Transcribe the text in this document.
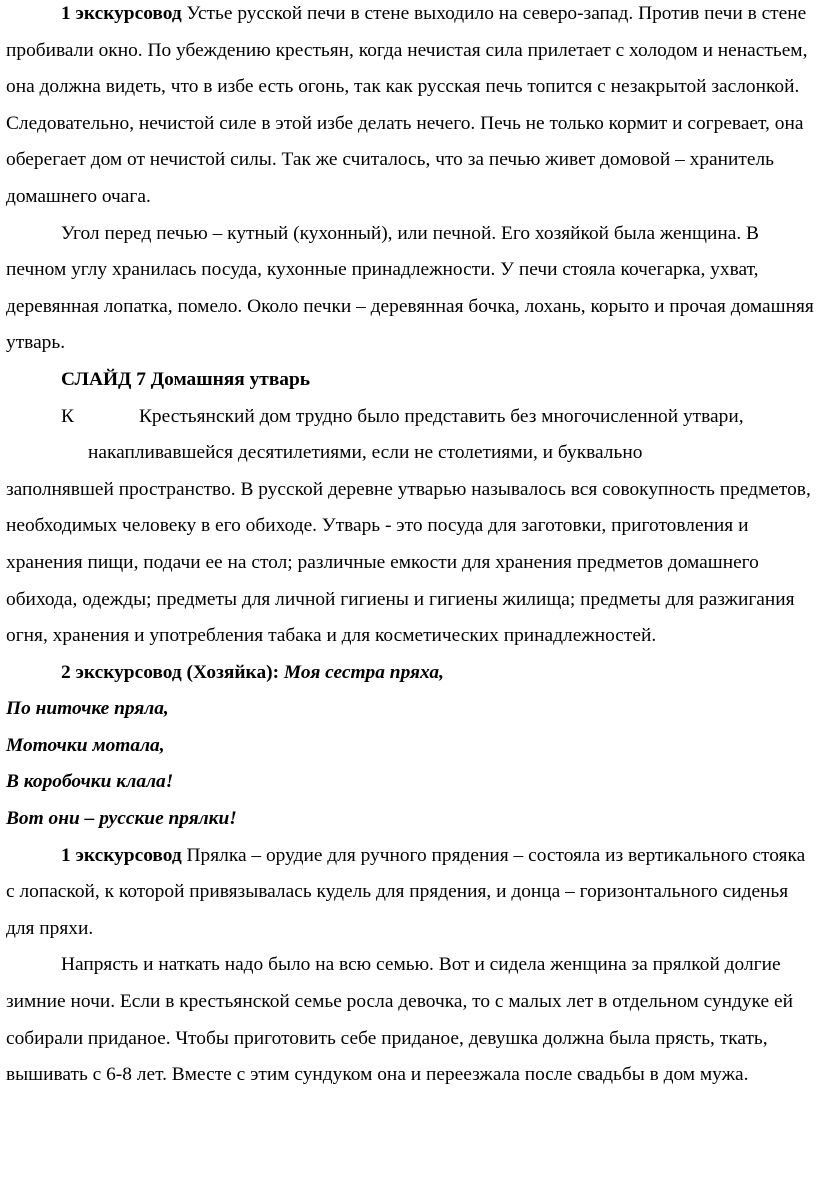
1 экскурсовод Устье русской печи в стене выходило на северо-запад. Против печи в стене пробивали окно. По убеждению крестьян, когда нечистая сила прилетает с холодом и ненастьем, она должна видеть, что в избе есть огонь, так как русская печь топится с незакрытой заслонкой. Следовательно, нечистой силе в этой избе делать нечего. Печь не только кормит и согревает, она оберегает дом от нечистой силы. Так же считалось, что за печью живет домовой – хранитель домашнего очага.

Угол перед печью – кутный (кухонный), или печной. Его хозяйкой была женщина. В печном углу хранилась посуда, кухонные принадлежности. У печи стояла кочегарка, ухват, деревянная лопатка, помело. Около печки – деревянная бочка, лохань, корыто и прочая домашняя утварь.

СЛАЙД 7 Домашняя утварь

К	Крестьянский дом трудно было представить без многочисленной утвари,

накапливавшейся десятилетиями, если не столетиями, и буквально

заполнявшей пространство. В русской деревне утварью называлось вся совокупность предметов, необходимых человеку в его обиходе. Утварь - это посуда для заготовки, приготовления и хранения пищи, подачи ее на стол; различные емкости для хранения предметов домашнего обихода, одежды; предметы для личной гигиены и гигиены жилища; предметы для разжигания огня, хранения и употребления табака и для косметических принадлежностей.

2 экскурсовод (Хозяйка): Моя сестра пряха,

По ниточке пряла,

Моточки мотала,

В коробочки клала!

Вот они – русские прялки!

1 экскурсовод Прялка – орудие для ручного прядения – состояла из вертикального стояка с лопаской, к которой привязывалась кудель для прядения, и донца – горизонтального сиденья для пряхи.

Напрясть и наткать надо было на всю семью. Вот и сидела женщина за прялкой долгие зимние ночи. Если в крестьянской семье росла девочка, то с малых лет в отдельном сундуке ей собирали приданое. Чтобы приготовить себе приданое, девушка должна была прясть, ткать, вышивать с 6-8 лет. Вместе с этим сундуком она и переезжала после свадьбы в дом мужа.
